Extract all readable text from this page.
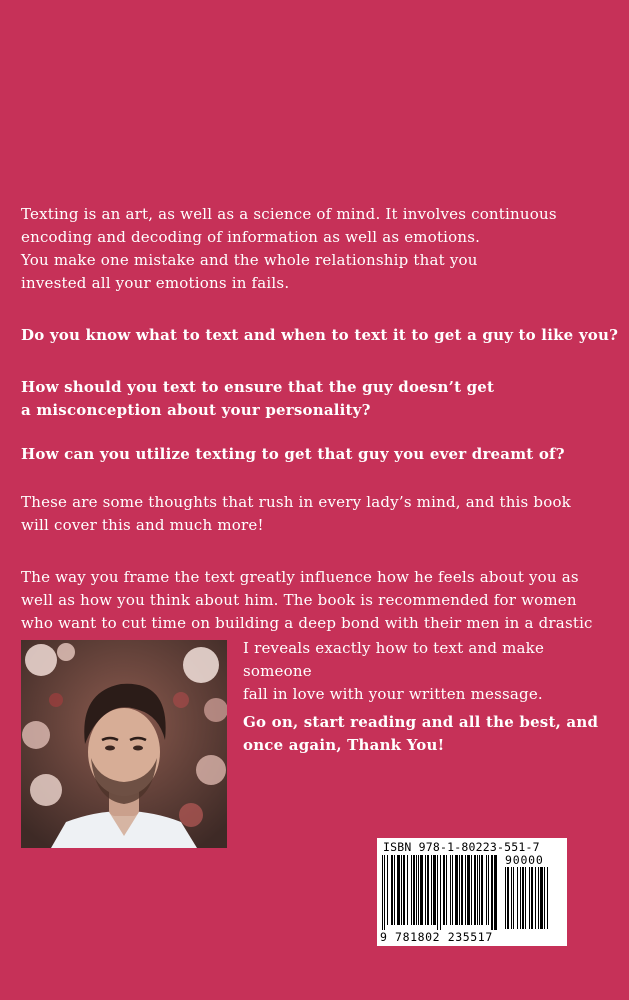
Texting is an art, as well as a science of mind. It involves continuous
encoding and decoding of information as well as emotions.
You make one mistake and the whole relationship that you
invested all your emotions in fails.
Do you know what to text and when to text it to get a guy to like you?
How should you text to ensure that the guy doesn’t get
a misconception about your personality?
How can you utilize texting to get that guy you ever dreamt of?
These are some thoughts that rush in every lady’s mind, and this book
will cover this and much more!
The way you frame the text greatly influence how he feels about you as
well as how you think about him. The book is recommended for women
who want to cut time on building a deep bond with their men in a drastic
I reveals exactly how to text and make someone
fall in love with your written message.
Go on, start reading and all the best, and
once again, Thank You!
ISBN 978-1-80223-551-7
90000
9 781802 235517
